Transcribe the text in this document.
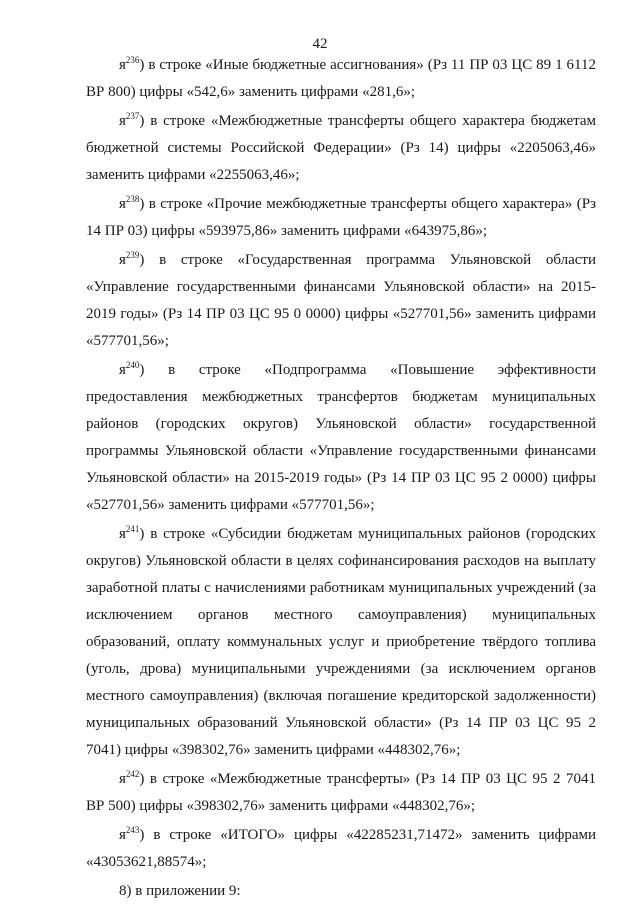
42

$я^{236}$) в строке «Иные бюджетные ассигнования» (Рз 11 ПР 03 ЦС 89 1 6112 ВР 800) цифры «542,6» заменить цифрами «281,6»;

$я^{237}$) в строке «Межбюджетные трансферты общего характера бюджетам бюджетной системы Российской Федерации» (Рз 14) цифры «2205063,46» заменить цифрами «2255063,46»;

$я^{238}$) в строке «Прочие межбюджетные трансферты общего характера» (Рз 14 ПР 03) цифры «593975,86» заменить цифрами «643975,86»;

$я^{239}$) в строке «Государственная программа Ульяновской области «Управление государственными финансами Ульяновской области» на 2015-2019 годы» (Рз 14 ПР 03 ЦС 95 0 0000) цифры «527701,56» заменить цифрами «577701,56»;

$я^{240}$) в строке «Подпрограмма «Повышение эффективности предоставления межбюджетных трансфертов бюджетам муниципальных районов (городских округов) Ульяновской области» государственной программы Ульяновской области «Управление государственными финансами Ульяновской области» на 2015-2019 годы» (Рз 14 ПР 03 ЦС 95 2 0000) цифры «527701,56» заменить цифрами «577701,56»;

$я^{241}$) в строке «Субсидии бюджетам муниципальных районов (городских округов) Ульяновской области в целях софинансирования расходов на выплату заработной платы с начислениями работникам муниципальных учреждений (за исключением органов местного самоуправления) муниципальных образований, оплату коммунальных услуг и приобретение твёрдого топлива (уголь, дрова) муниципальными учреждениями (за исключением органов местного самоуправления) (включая погашение кредиторской задолженности) муниципальных образований Ульяновской области» (Рз 14 ПР 03 ЦС 95 2 7041) цифры «398302,76» заменить цифрами «448302,76»;

$я^{242}$) в строке «Межбюджетные трансферты» (Рз 14 ПР 03 ЦС 95 2 7041 ВР 500) цифры «398302,76» заменить цифрами «448302,76»;

$я^{243}$) в строке «ИТОГО» цифры «42285231,71472» заменить цифрами «43053621,88574»;

8) в приложении 9:
